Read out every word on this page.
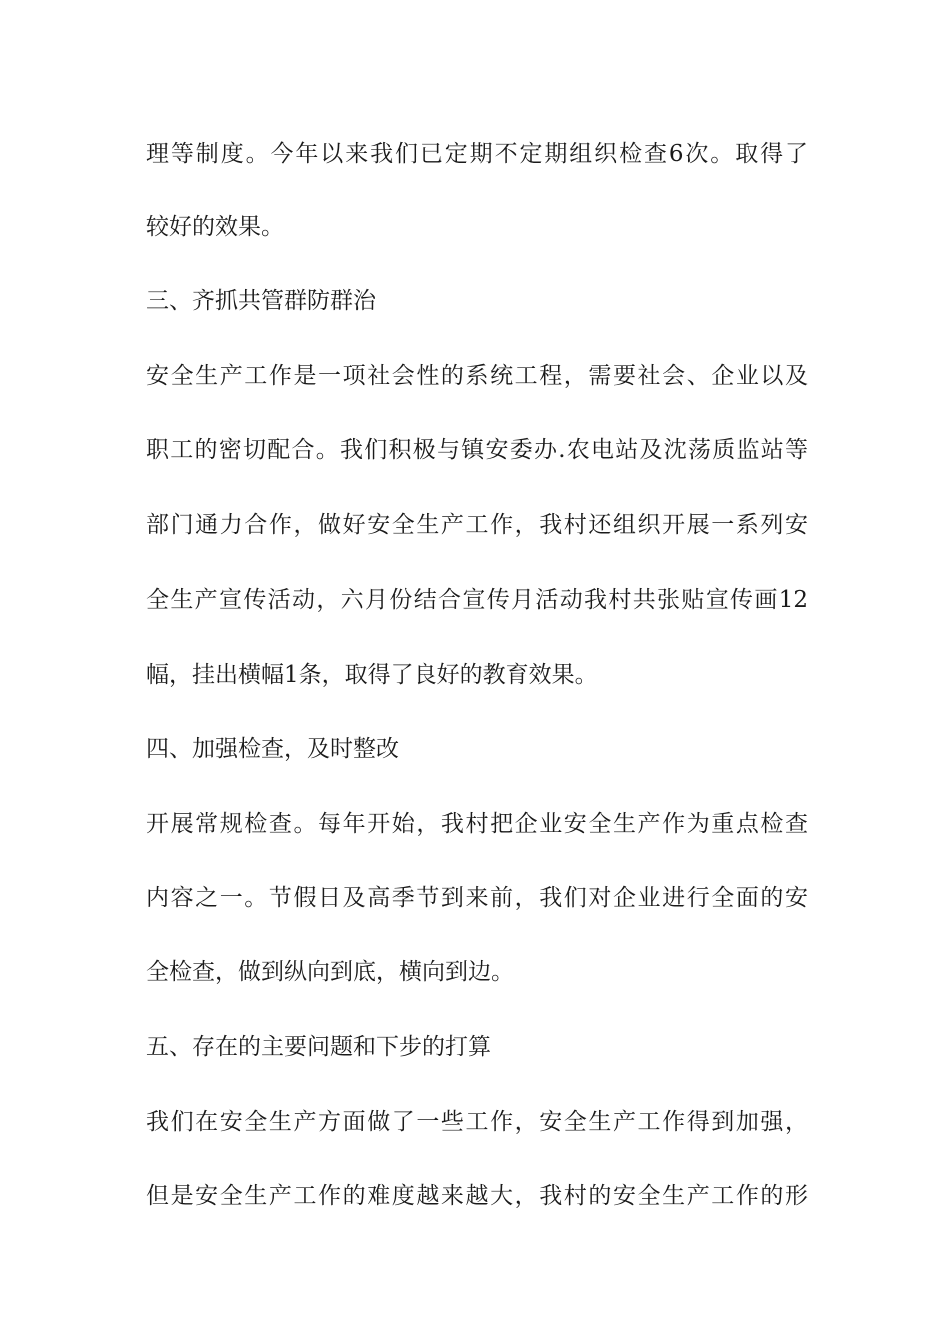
理等制度。今年以来我们已定期不定期组织检查6次。取得了
较好的效果。
三、齐抓共管群防群治
安全生产工作是一项社会性的系统工程，需要社会、企业以及
职工的密切配合。我们积极与镇安委办.农电站及沈荡质监站等
部门通力合作，做好安全生产工作，我村还组织开展一系列安
全生产宣传活动，六月份结合宣传月活动我村共张贴宣传画12
幅，挂出横幅1条，取得了良好的教育效果。
四、加强检查，及时整改
开展常规检查。每年开始，我村把企业安全生产作为重点检查
内容之一。节假日及高季节到来前，我们对企业进行全面的安
全检查，做到纵向到底，横向到边。
五、存在的主要问题和下步的打算
我们在安全生产方面做了一些工作，安全生产工作得到加强，
但是安全生产工作的难度越来越大，我村的安全生产工作的形
